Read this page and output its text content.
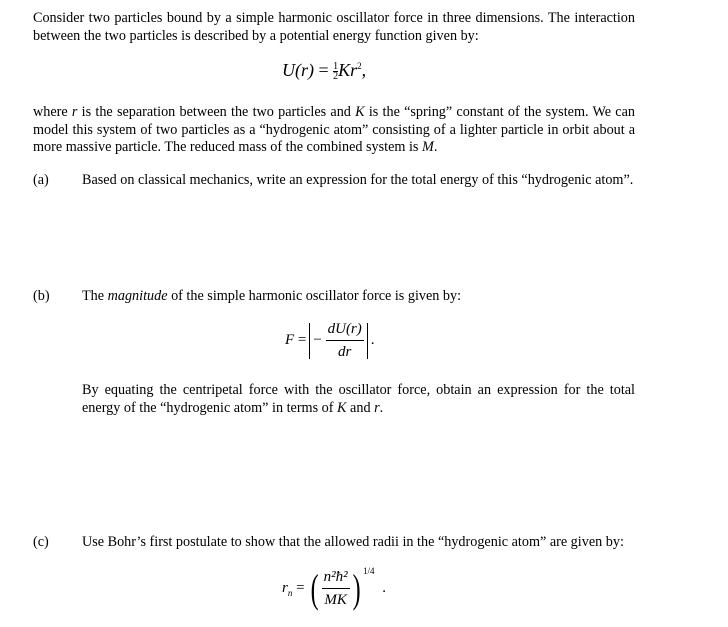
Consider two particles bound by a simple harmonic oscillator force in three dimensions. The interaction between the two particles is described by a potential energy function given by:
$U(r) = \frac{1}{2} Kr^2$,
where r is the separation between the two particles and K is the “spring” constant of the system. We can model this system of two particles as a “hydrogenic atom” consisting of a lighter particle in orbit about a more massive particle. The reduced mass of the combined system is M.
(a) Based on classical mechanics, write an expression for the total energy of this “hydrogenic atom”.
(b) The magnitude of the simple harmonic oscillator force is given by:
F = − $\frac{dU(r)}{dr}$ .
By equating the centripetal force with the oscillator force, obtain an expression for the total energy of the “hydrogenic atom” in terms of K and r.
(c) Use Bohr’s first postulate to show that the allowed radii in the “hydrogenic atom” are given by:
$r_n$ = ( $\frac{\text{n²ħ²}}{MK}$ ) $^{1/4}$ .
